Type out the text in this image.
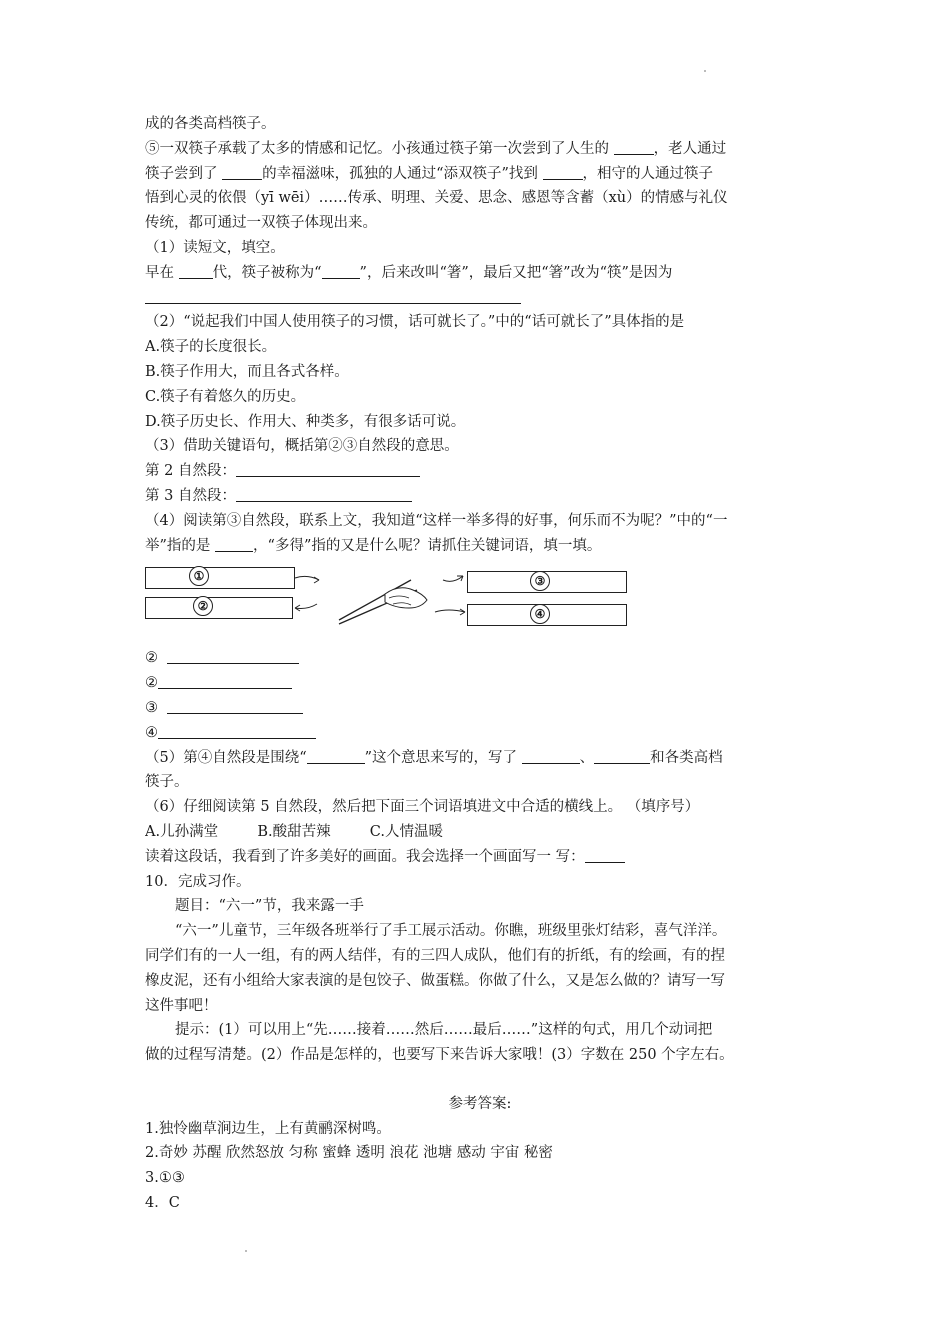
成的各类高档筷子。
⑤一双筷子承载了太多的情感和记忆。小孩通过筷子第一次尝到了人生的	，老人通过
筷子尝到了	的幸福滋味，孤独的人通过“添双筷子”找到	，相守的人通过筷子
悟到心灵的依偎（yī wēi）……传承、明理、关爱、思念、感恩等含蓄（xù）的情感与礼仪
传统，都可通过一双筷子体现出来。
（1）读短文，填空。
早在 代，筷子被称为“	”，后来改叫“箸”，最后又把“箸”改为“筷”是因为
（2）“说起我们中国人使用筷子的习惯，话可就长了。”中的“话可就长了”具体指的是
A.筷子的长度很长。
B.筷子作用大，而且各式各样。
C.筷子有着悠久的历史。
D.筷子历史长、作用大、种类多，有很多话可说。
（3）借助关键语句，概括第②③自然段的意思。
第 2 自然段：
第 3 自然段：
（4）阅读第③自然段，联系上文，我知道“这样一举多得的好事，何乐而不为呢？”中的“一
举”指的是	，“多得”指的又是什么呢？请抓住关键词语，填一填。
①
②
③
④
②
②
③
④
（5）第④自然段是围绕“	”这个意思来写的，写了	、	和各类高档
筷子。
（6）仔细阅读第 5 自然段，然后把下面三个词语填进文中合适的横线上。 （填序号）
A.儿孙满堂	B.酸甜苦辣	C.人情温暖
读着这段话，我看到了许多美好的画面。我会选择一个画面写一 写：
10．完成习作。
题目：“六一”节，我来露一手
“六一”儿童节，三年级各班举行了手工展示活动。你瞧，班级里张灯结彩，喜气洋洋。
同学们有的一人一组，有的两人结伴，有的三四人成队，他们有的折纸，有的绘画，有的捏
橡皮泥，还有小组给大家表演的是包饺子、做蛋糕。你做了什么，又是怎么做的？请写一写
这件事吧！
提示：(1）可以用上“先……接着……然后……最后……”这样的句式，用几个动词把
做的过程写清楚。(2）作品是怎样的，也要写下来告诉大家哦！(3）字数在 250 个字左右。
参考答案:
1.独怜幽草涧边生，上有黄鹂深树鸣。
2.奇妙 苏醒 欣然怒放 匀称 蜜蜂 透明 浪花 池塘 感动 宇宙 秘密
3.①③
4．C
